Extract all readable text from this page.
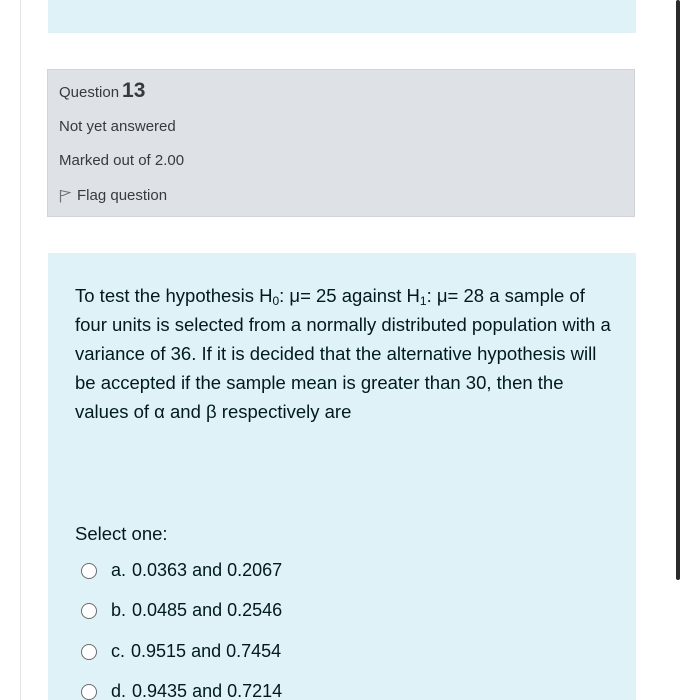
Question 13
Not yet answered
Marked out of 2.00
Flag question
To test the hypothesis $H_0$: μ= 25 against $H_1$: μ= 28 a sample of four units is selected from a normally distributed population with a variance of 36. If it is decided that the alternative hypothesis will be accepted if the sample mean is greater than 30, then the values of α and β respectively are
Select one:
a. 0.0363 and 0.2067
b. 0.0485 and 0.2546
c. 0.9515 and 0.7454
d. 0.9435 and 0.7214
